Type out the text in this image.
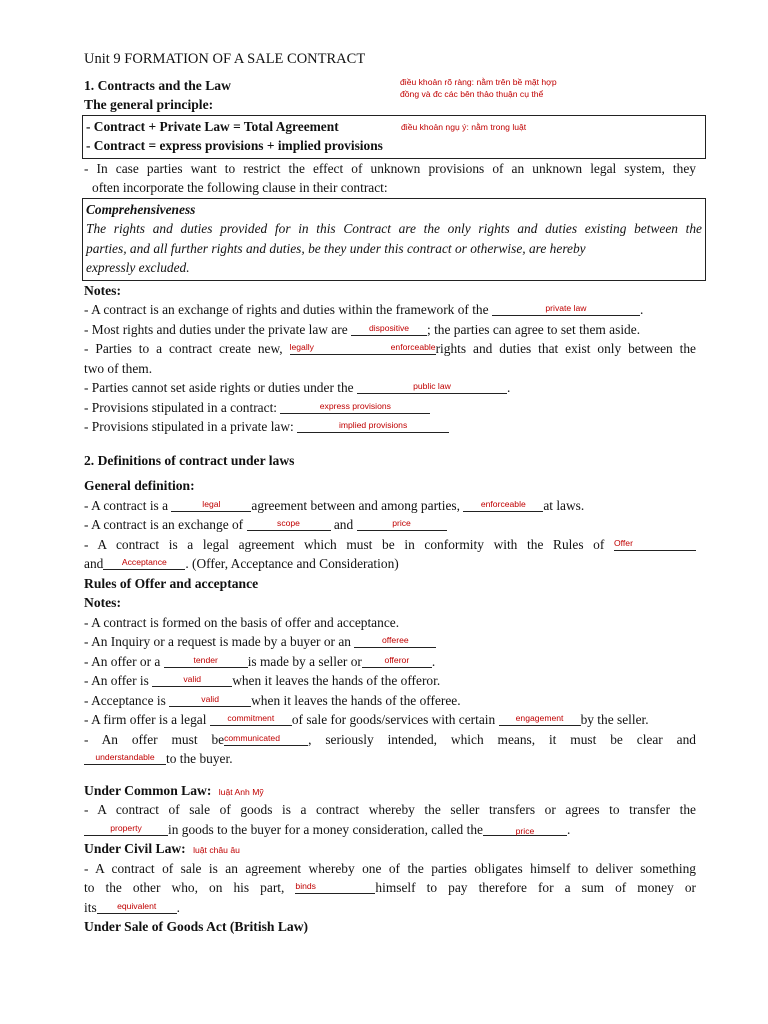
Unit 9 FORMATION OF A SALE CONTRACT
1. Contracts and the Law	điều khoản rõ ràng: nằm trên bề mặt hợp
đồng và đc các bên thảo thuận cụ thể
The general principle:
- Contract + Private Law = Total Agreement	điều khoản ngụ ý: nằm trong luật
- Contract = express provisions + implied provisions
- In case parties want to restrict the effect of unknown provisions of an unknown legal system, they
often incorporate the following clause in their contract:
Comprehensiveness
The rights and duties provided for in this Contract are the only rights and duties existing between the
parties, and all further rights and duties, be they under this contract or otherwise, are hereby
expressly excluded.
Notes:
- A contract is an exchange of rights and duties within the framework of the	private law	.
- Most rights and duties under the private law are	dispositive	; the parties can agree to set them aside.
- Parties to a contract create new, legally enforceable rights and duties that exist only between the
two of them.
- Parties cannot set aside rights or duties under the	public law	.
- Provisions stipulated in a contract:	express provisions
- Provisions stipulated in a private law:	implied provisions
2. Definitions of contract under laws
General definition:
- A contract is a	legal	agreement between and among parties,	enforceable	at laws.
- A contract is an exchange of	scope	and	price
- A contract is a legal agreement which must be in conformity with the Rules of Offer
and	Acceptance	. (Offer, Acceptance and Consideration)
Rules of Offer and acceptance
Notes:
- A contract is formed on the basis of offer and acceptance.
- An Inquiry or a request is made by a buyer or an	offeree
- An offer or a	tender	is made by a seller or	offeror	.
- An offer is	valid	when it leaves the hands of the offeror.
- Acceptance is	valid	when it leaves the hands of the offeree.
- A firm offer is a legal	commitment	of sale for goods/services with certain	engagement	by the seller.
- An offer must be communicated	, seriously intended, which means, it must be clear and
understandable to the buyer.
Under Common Law: luật Anh Mỹ
- A contract of sale of goods is a contract whereby the seller transfers or agrees to transfer the
property	in goods to the buyer for a money consideration, called the	price	.
Under Civil Law: luật châu âu
- A contract of sale is an agreement whereby one of the parties obligates himself to deliver something
to the other who, on his part, binds	himself to pay therefore for a sum of money or
its	equivalent	.
Under Sale of Goods Act (British Law)
